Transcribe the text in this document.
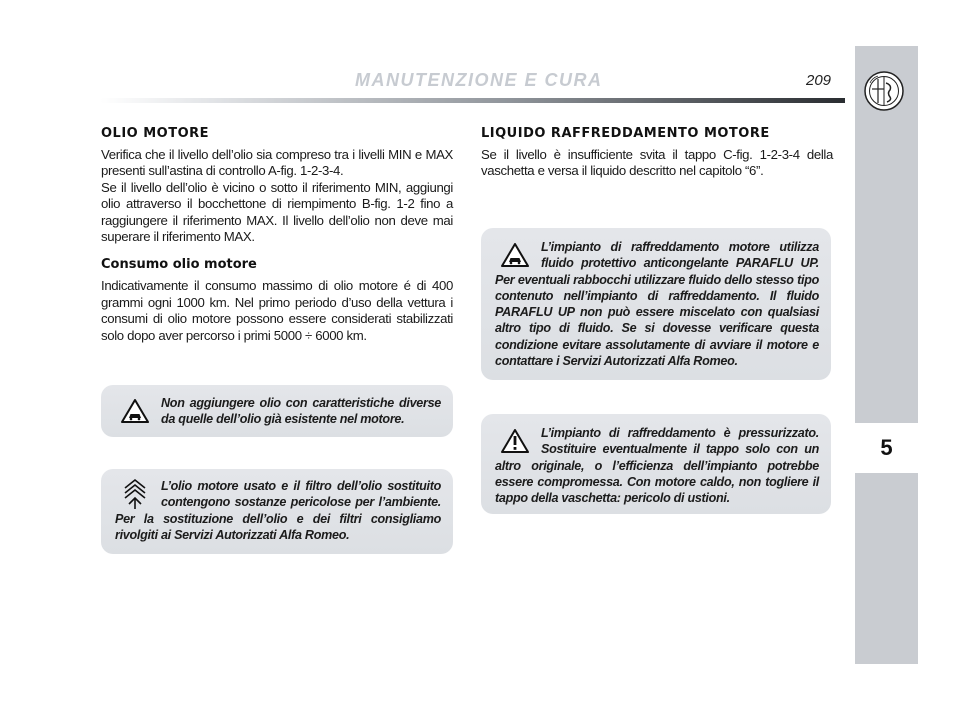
MANUTENZIONE E CURA	209
5
OLIO MOTORE

Verifica che il livello dell’olio sia compreso tra i livelli MIN e MAX presenti sull’astina di controllo A-fig. 1-2-3-4.

Se il livello dell’olio è vicino o sotto il riferimento MIN, aggiungi olio attraverso il bocchettone di riempimento B-fig. 1-2 fino a raggiungere il riferimento MAX. Il livello dell’olio non deve mai superare il riferimento MAX.

Consumo olio motore

Indicativamente il consumo massimo di olio motore é di 400 grammi ogni 1000 km. Nel primo periodo d’uso della vettura i consumi di olio motore possono essere considerati stabilizzati solo dopo aver percorso i primi 5000 ÷ 6000 km.

Non aggiungere olio con caratteristiche diverse da quelle dell’olio già esistente nel motore.

L’olio motore usato e il filtro dell’olio sostituito contengono sostanze pericolose per l’ambiente. Per la sostituzione dell’olio e dei filtri consigliamo rivolgiti ai Servizi Autorizzati Alfa Romeo.

LIQUIDO RAFFREDDAMENTO MOTORE

Se il livello è insufficiente svita il tappo C-fig. 1-2-3-4 della vaschetta e versa il liquido descritto nel capitolo “6”.

L’impianto di raffreddamento motore utilizza fluido protettivo anticongelante PARAFLU UP. Per eventuali rabbocchi utilizzare fluido dello stesso tipo contenuto nell’impianto di raffreddamento. Il fluido PARAFLU UP non può essere miscelato con qualsiasi altro tipo di fluido. Se si dovesse verificare questa condizione evitare assolutamente di avviare il motore e contattare i Servizi Autorizzati Alfa Romeo.

L’impianto di raffreddamento è pressurizzato. Sostituire eventualmente il tappo solo con un altro originale, o l’efficienza dell’impianto potrebbe essere compromessa. Con motore caldo, non togliere il tappo della vaschetta: pericolo di ustioni.
